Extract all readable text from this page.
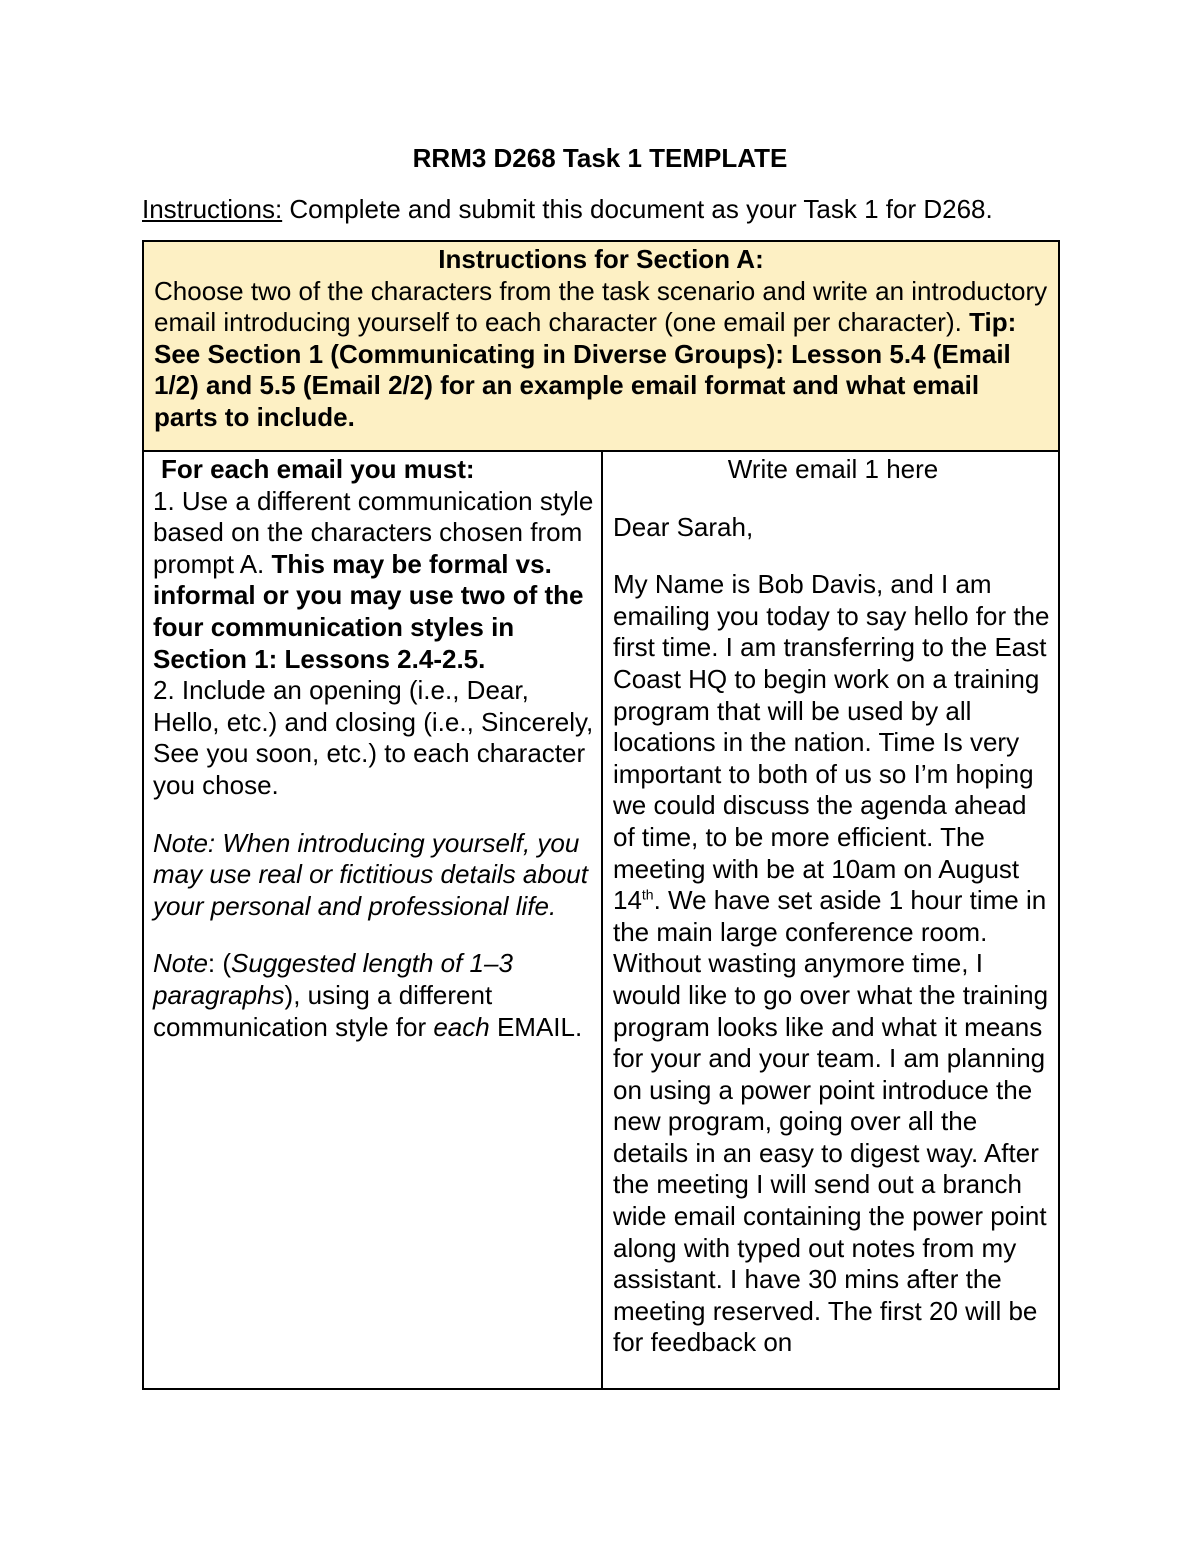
RRM3 D268 Task 1 TEMPLATE
Instructions: Complete and submit this document as your Task 1 for D268.
Instructions for Section A:
Choose two of the characters from the task scenario and write an introductory email introducing yourself to each character (one email per character). Tip: See Section 1 (Communicating in Diverse Groups): Lesson 5.4 (Email 1/2) and 5.5 (Email 2/2) for an example email format and what email parts to include.
For each email you must:

1. Use a different communication style based on the characters chosen from prompt A. This may be formal vs. informal or you may use two of the four communication styles in Section 1: Lessons 2.4-2.5.

2. Include an opening (i.e., Dear, Hello, etc.) and closing (i.e., Sincerely, See you soon, etc.) to each character you chose.

Note: When introducing yourself, you may use real or fictitious details about your personal and professional life.

Note: (Suggested length of 1–3 paragraphs), using a different communication style for each EMAIL.

Write email 1 here

Dear Sarah,

My Name is Bob Davis, and I am emailing you today to say hello for the first time. I am transferring to the East Coast HQ to begin work on a training program that will be used by all locations in the nation. Time Is very important to both of us so I’m hoping we could discuss the agenda ahead of time, to be more efficient. The meeting with be at 10am on August 14th. We have set aside 1 hour time in the main large conference room. Without wasting anymore time, I would like to go over what the training program looks like and what it means for your and your team. I am planning on using a power point introduce the new program, going over all the details in an easy to digest way. After the meeting I will send out a branch wide email containing the power point along with typed out notes from my assistant. I have 30 mins after the meeting reserved. The first 20 will be for feedback on
